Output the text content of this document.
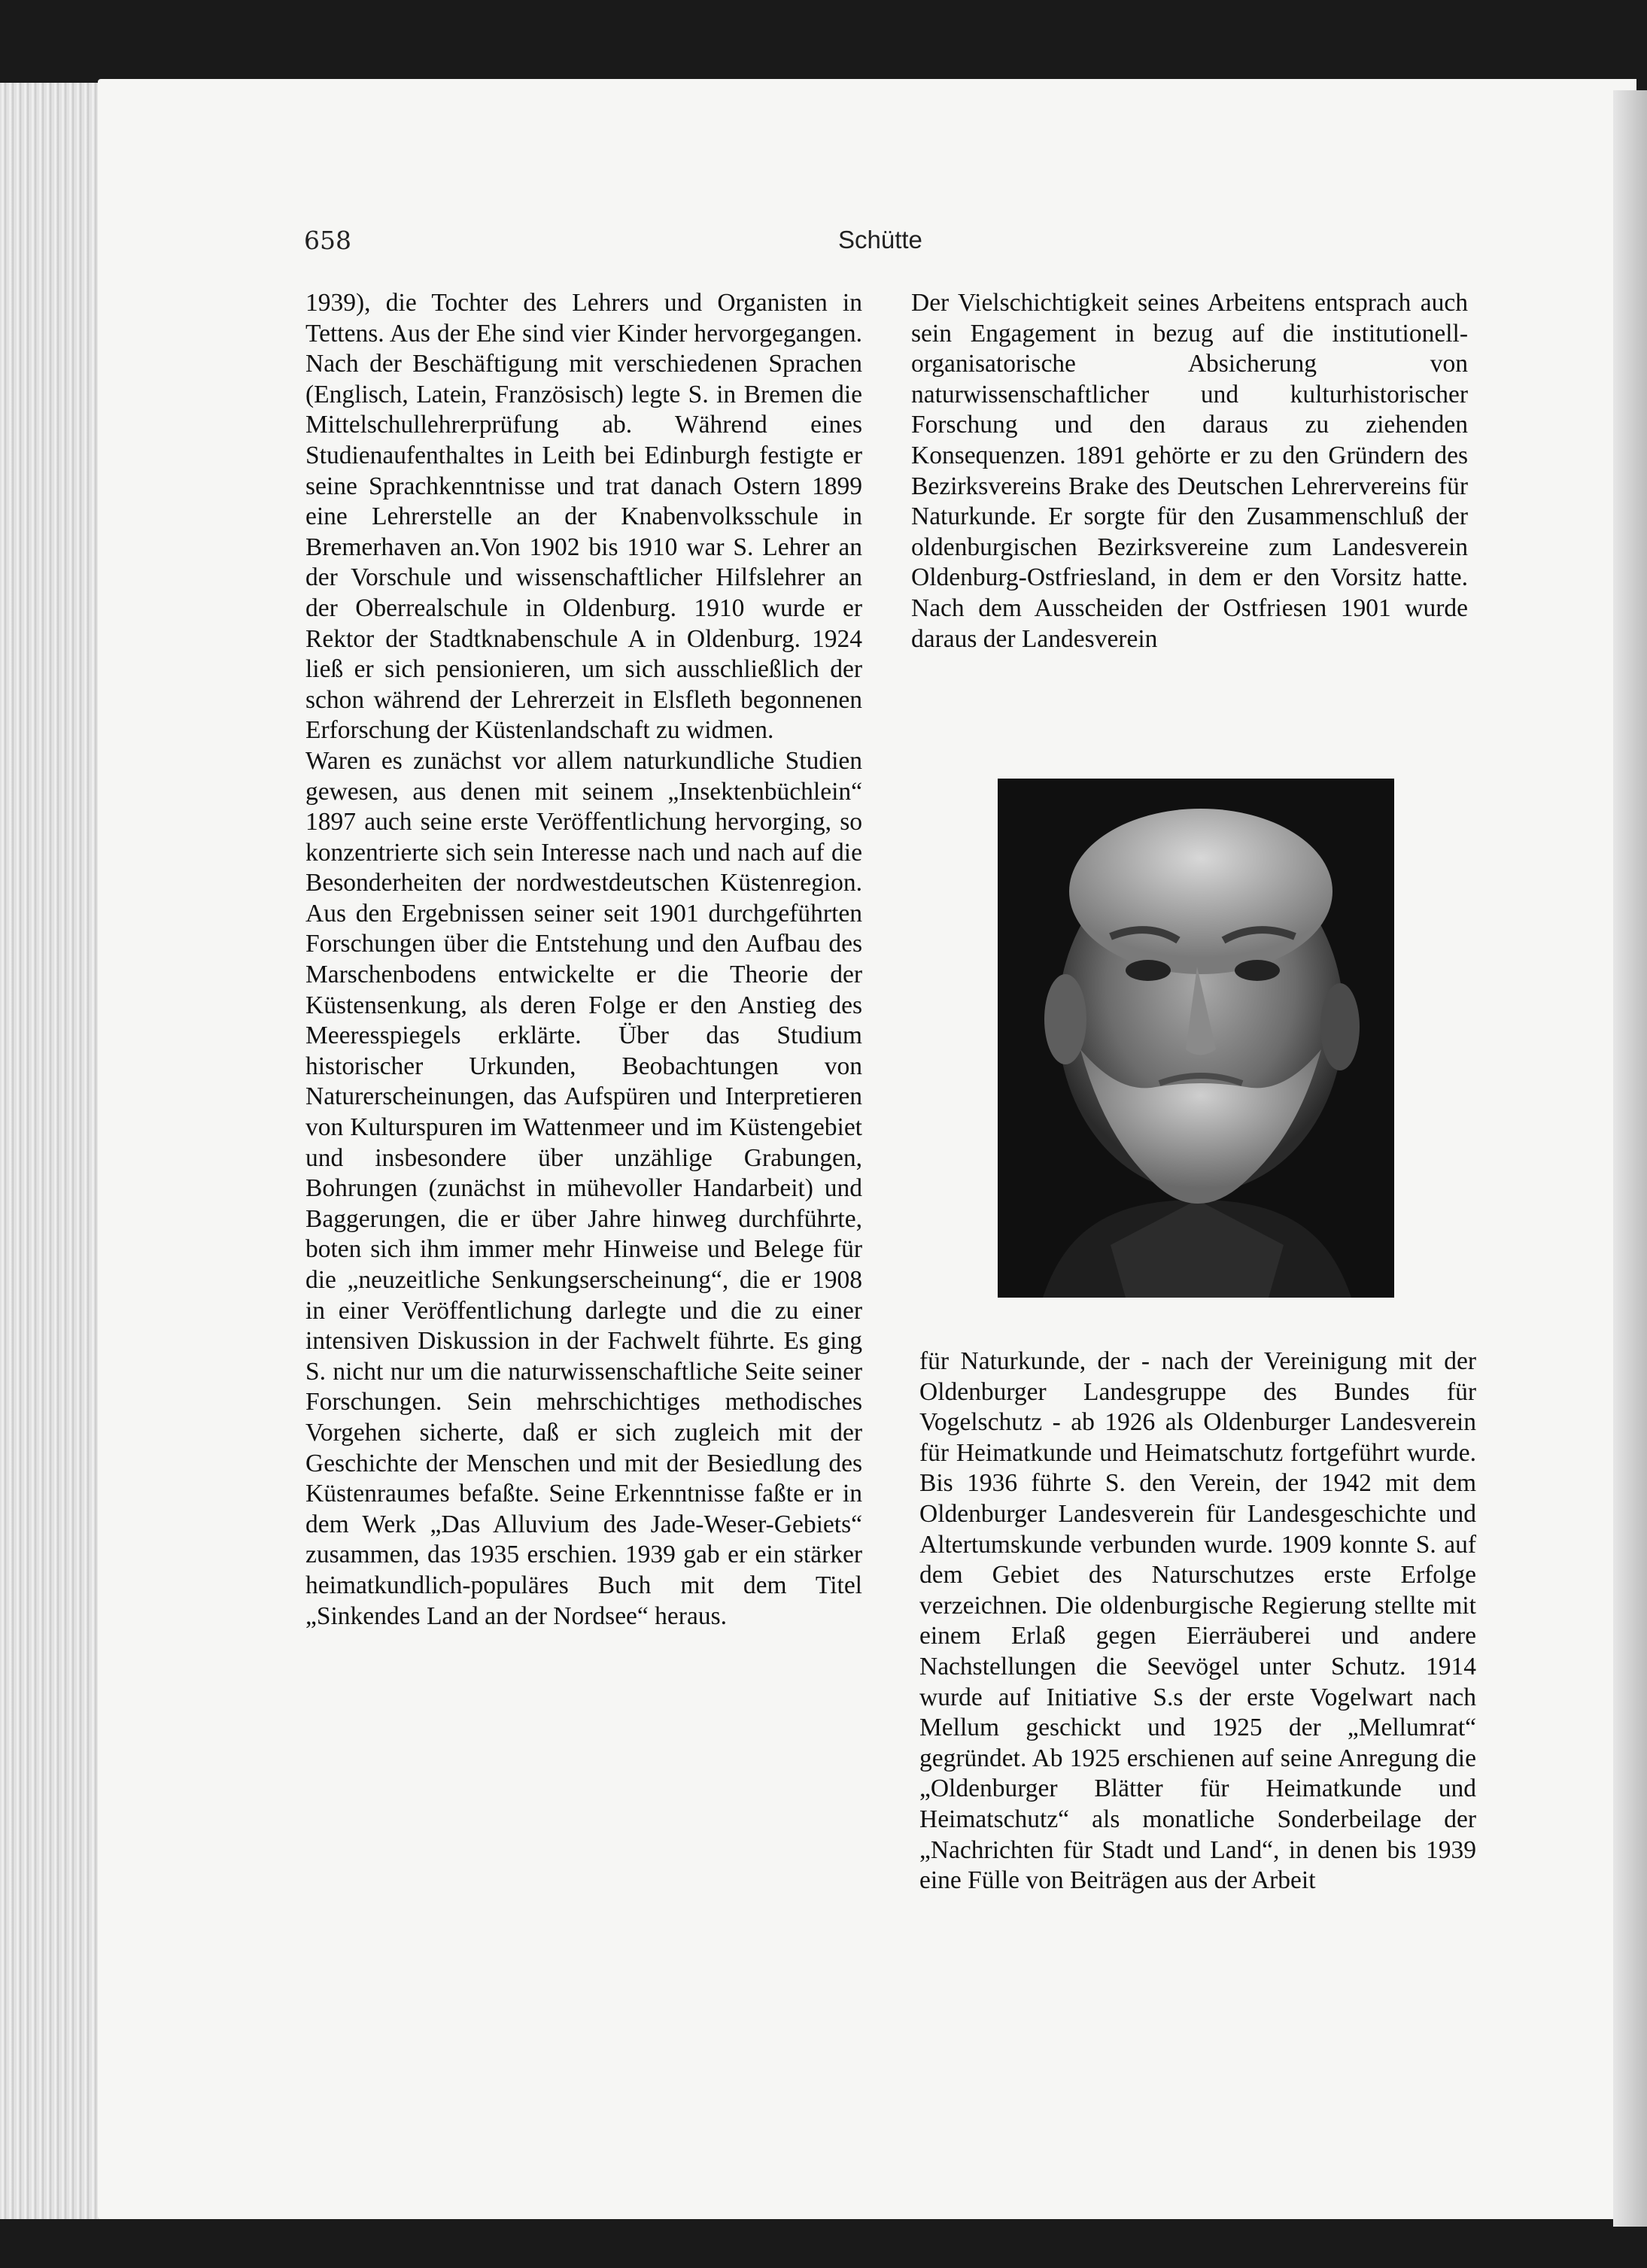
658	Schütte

1939), die Tochter des Lehrers und Organisten in Tettens. Aus der Ehe sind vier Kinder hervorgegangen. Nach der Beschäftigung mit verschiedenen Sprachen (Englisch, Latein, Französisch) legte S. in Bremen die Mittelschullehrerprüfung ab. Während eines Studienaufenthaltes in Leith bei Edinburgh festigte er seine Sprachkenntnisse und trat danach Ostern 1899 eine Lehrerstelle an der Knabenvolksschule in Bremerhaven an.Von 1902 bis 1910 war S. Lehrer an der Vorschule und wissenschaftlicher Hilfslehrer an der Oberrealschule in Oldenburg. 1910 wurde er Rektor der Stadtknabenschule A in Oldenburg. 1924 ließ er sich pensionieren, um sich ausschließlich der schon während der Lehrerzeit in Elsfleth begonnenen Erforschung der Küstenlandschaft zu widmen.

Waren es zunächst vor allem naturkundliche Studien gewesen, aus denen mit seinem „Insektenbüchlein“ 1897 auch seine erste Veröffentlichung hervorging, so konzentrierte sich sein Interesse nach und nach auf die Besonderheiten der nordwestdeutschen Küstenregion. Aus den Ergebnissen seiner seit 1901 durchgeführten Forschungen über die Entstehung und den Aufbau des Marschenbodens entwickelte er die Theorie der Küstensenkung, als deren Folge er den Anstieg des Meeresspiegels erklärte. Über das Studium historischer Urkunden, Beobachtungen von Naturerscheinungen, das Aufspüren und Interpretieren von Kulturspuren im Wattenmeer und im Küstengebiet und insbesondere über unzählige Grabungen, Bohrungen (zunächst in mühevoller Handarbeit) und Baggerungen, die er über Jahre hinweg durchführte, boten sich ihm immer mehr Hinweise und Belege für die „neuzeitliche Senkungserscheinung“, die er 1908 in einer Veröffentlichung darlegte und die zu einer intensiven Diskussion in der Fachwelt führte. Es ging S. nicht nur um die naturwissenschaftliche Seite seiner Forschungen. Sein mehrschichtiges methodisches Vorgehen sicherte, daß er sich zugleich mit der Geschichte der Menschen und mit der Besiedlung des Küstenraumes befaßte. Seine Erkenntnisse faßte er in dem Werk „Das Alluvium des Jade-Weser-Gebiets“ zusammen, das 1935 erschien. 1939 gab er ein stärker heimatkundlich-populäres Buch mit dem Titel „Sinkendes Land an der Nordsee“ heraus.

Der Vielschichtigkeit seines Arbeitens entsprach auch sein Engagement in bezug auf die institutionell-organisatorische Absicherung von naturwissenschaftlicher und kulturhistorischer Forschung und den daraus zu ziehenden Konsequenzen. 1891 gehörte er zu den Gründern des Bezirksvereins Brake des Deutschen Lehrervereins für Naturkunde. Er sorgte für den Zusammenschluß der oldenburgischen Bezirksvereine zum Landesverein Oldenburg-Ostfriesland, in dem er den Vorsitz hatte. Nach dem Ausscheiden der Ostfriesen 1901 wurde daraus der Landesverein

für Naturkunde, der - nach der Vereinigung mit der Oldenburger Landesgruppe des Bundes für Vogelschutz - ab 1926 als Oldenburger Landesverein für Heimatkunde und Heimatschutz fortgeführt wurde. Bis 1936 führte S. den Verein, der 1942 mit dem Oldenburger Landesverein für Landesgeschichte und Altertumskunde verbunden wurde. 1909 konnte S. auf dem Gebiet des Naturschutzes erste Erfolge verzeichnen. Die oldenburgische Regierung stellte mit einem Erlaß gegen Eierräuberei und andere Nachstellungen die Seevögel unter Schutz. 1914 wurde auf Initiative S.s der erste Vogelwart nach Mellum geschickt und 1925 der „Mellumrat“ gegründet. Ab 1925 erschienen auf seine Anregung die „Oldenburger Blätter für Heimatkunde und Heimatschutz“ als monatliche Sonderbeilage der „Nachrichten für Stadt und Land“, in denen bis 1939 eine Fülle von Beiträgen aus der Arbeit
